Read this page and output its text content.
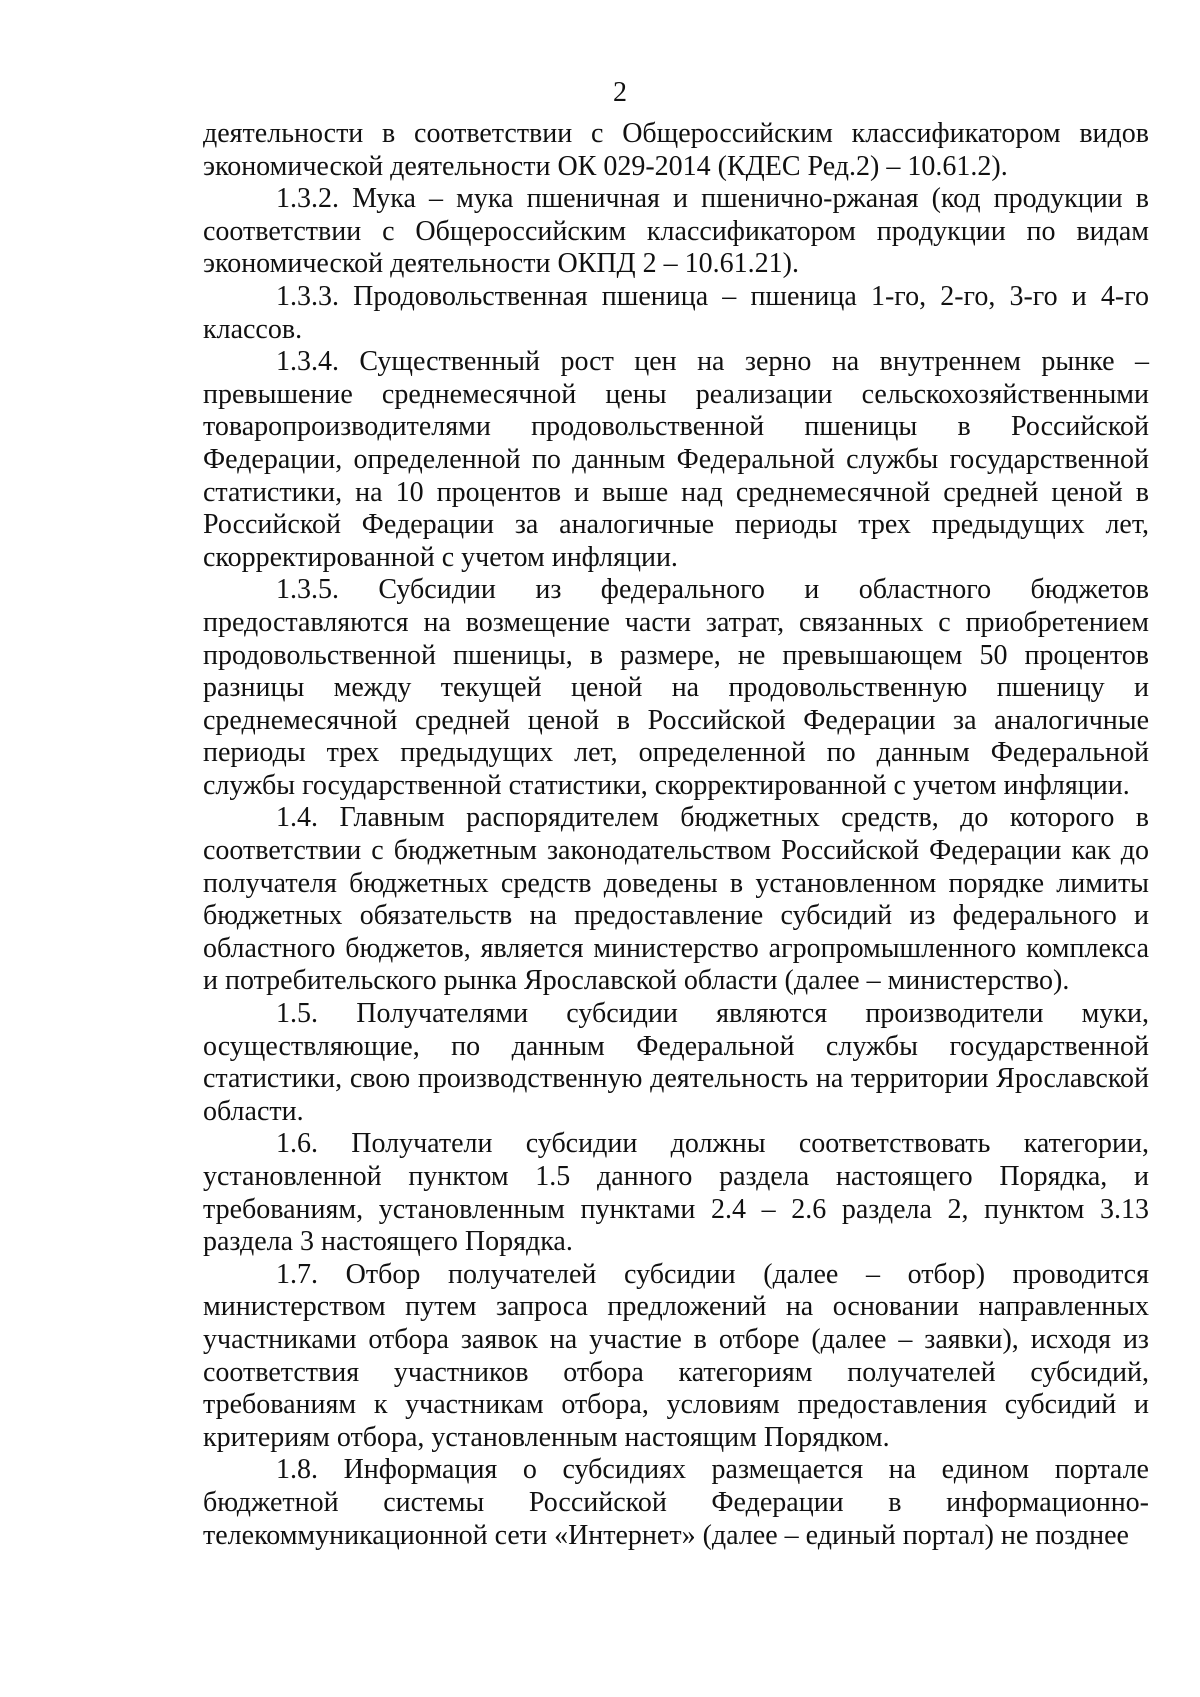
2

деятельности в соответствии с Общероссийским классификатором видов экономической деятельности ОК 029-2014 (КДЕС Ред.2) – 10.61.2).

1.3.2. Мука – мука пшеничная и пшенично-ржаная (код продукции в соответствии с Общероссийским классификатором продукции по видам экономической деятельности ОКПД 2 – 10.61.21).

1.3.3. Продовольственная пшеница – пшеница 1-го, 2-го, 3-го и 4-го классов.

1.3.4. Существенный рост цен на зерно на внутреннем рынке – превышение среднемесячной цены реализации сельскохозяйственными товаропроизводителями продовольственной пшеницы в Российской Федерации, определенной по данным Федеральной службы государственной статистики, на 10 процентов и выше над среднемесячной средней ценой в Российской Федерации за аналогичные периоды трех предыдущих лет, скорректированной с учетом инфляции.

1.3.5. Субсидии из федерального и областного бюджетов предоставляются на возмещение части затрат, связанных с приобретением продовольственной пшеницы, в размере, не превышающем 50 процентов разницы между текущей ценой на продовольственную пшеницу и среднемесячной средней ценой в Российской Федерации за аналогичные периоды трех предыдущих лет, определенной по данным Федеральной службы государственной статистики, скорректированной с учетом инфляции.

1.4. Главным распорядителем бюджетных средств, до которого в соответствии с бюджетным законодательством Российской Федерации как до получателя бюджетных средств доведены в установленном порядке лимиты бюджетных обязательств на предоставление субсидий из федерального и областного бюджетов, является министерство агропромышленного комплекса и потребительского рынка Ярославской области (далее – министерство).

1.5. Получателями субсидии являются производители муки, осуществляющие, по данным Федеральной службы государственной статистики, свою производственную деятельность на территории Ярославской области.

1.6. Получатели субсидии должны соответствовать категории, установленной пунктом 1.5 данного раздела настоящего Порядка, и требованиям, установленным пунктами 2.4 – 2.6 раздела 2, пунктом 3.13 раздела 3 настоящего Порядка.

1.7. Отбор получателей субсидии (далее – отбор) проводится министерством путем запроса предложений на основании направленных участниками отбора заявок на участие в отборе (далее – заявки), исходя из соответствия участников отбора категориям получателей субсидий, требованиям к участникам отбора, условиям предоставления субсидий и критериям отбора, установленным настоящим Порядком.

1.8. Информация о субсидиях размещается на едином портале бюджетной системы Российской Федерации в информационно-телекоммуникационной сети «Интернет» (далее – единый портал) не позднее
